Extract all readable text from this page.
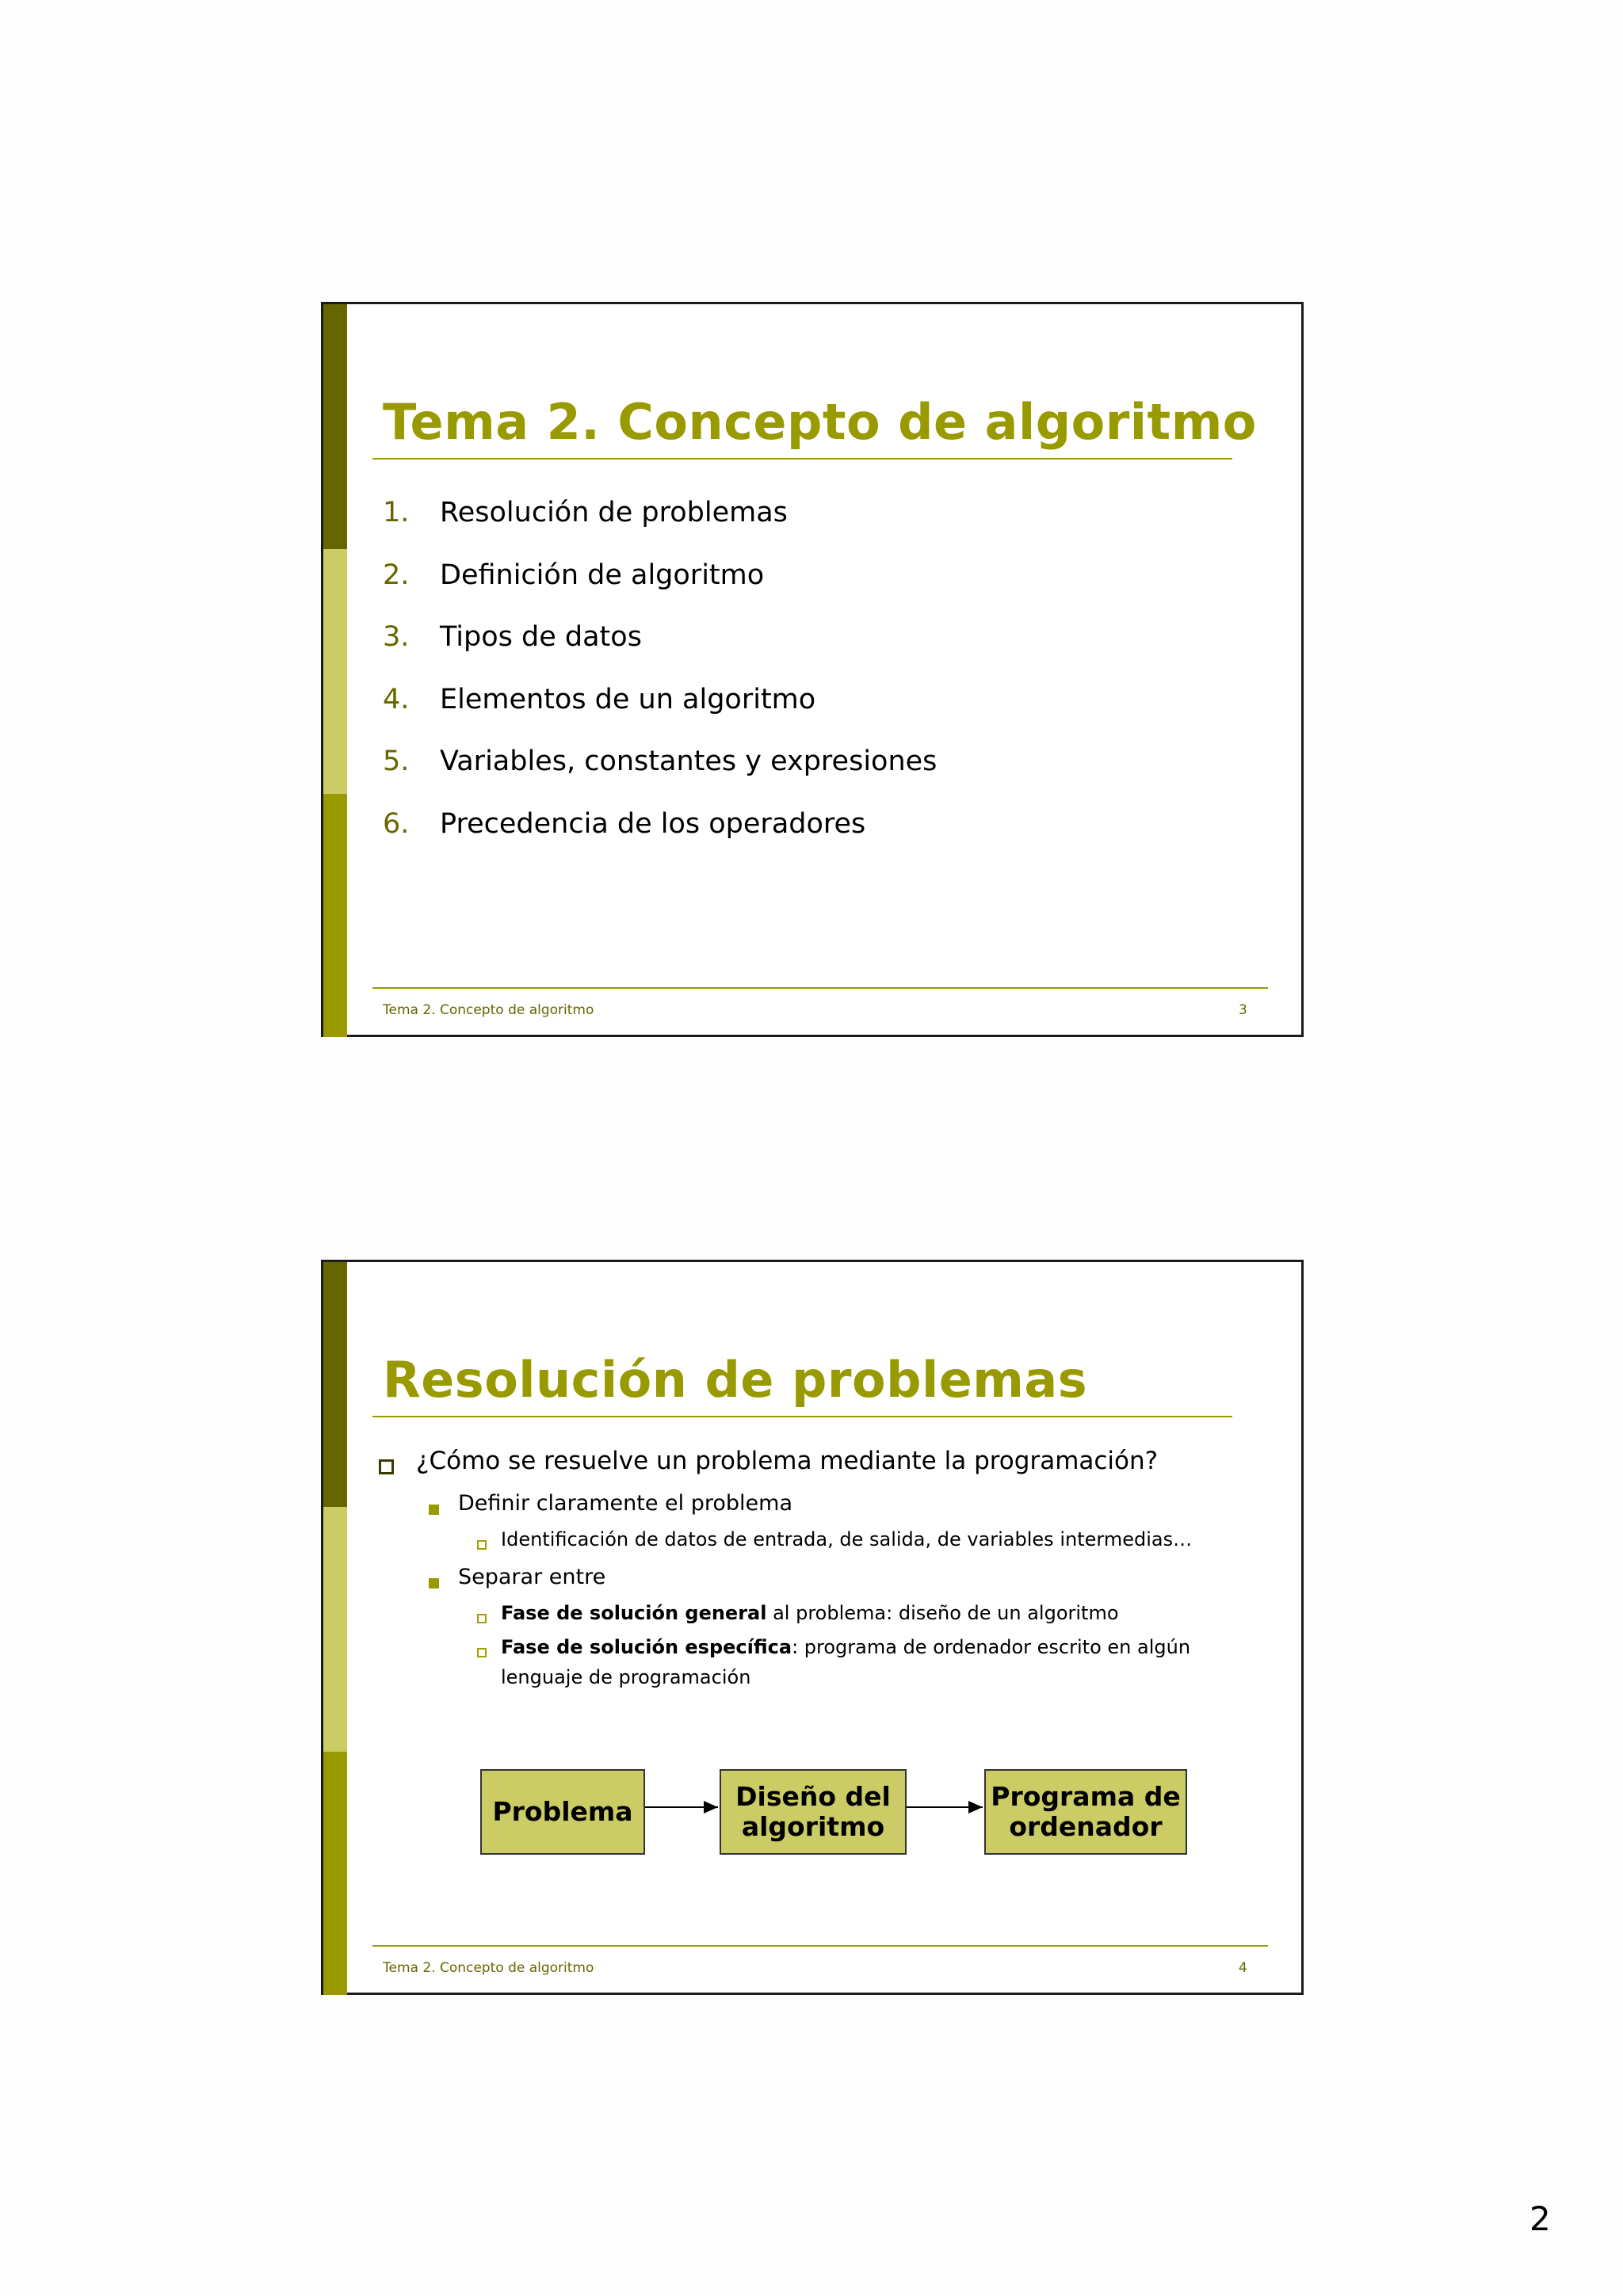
Tema 2. Concepto de algoritmo
1. Resolución de problemas
2. Definición de algoritmo
3. Tipos de datos
4. Elementos de un algoritmo
5. Variables, constantes y expresiones
6. Precedencia de los operadores
Tema 2. Concepto de algoritmo	3
Resolución de problemas
¿Cómo se resuelve un problema mediante la programación?
Definir claramente el problema
Identificación de datos de entrada, de salida, de variables intermedias…
Separar entre
Fase de solución general al problema: diseño de un algoritmo
Fase de solución específica: programa de ordenador escrito en algún
lenguaje de programación
Problema	Diseño del
algoritmo
Programa de
ordenador
Tema 2. Concepto de algoritmo	4
2
